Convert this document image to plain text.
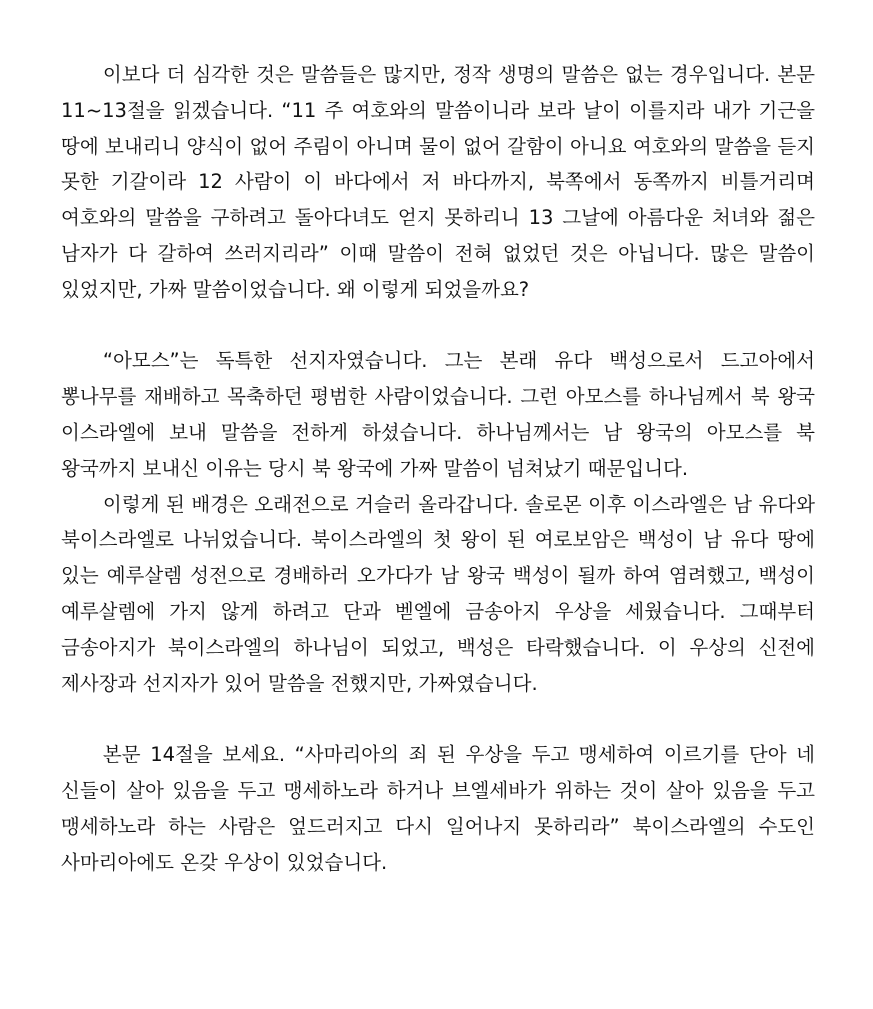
이보다 더 심각한 것은 말씀들은 많지만, 정작 생명의 말씀은 없는 경우입니다. 본문 11~13절을 읽겠습니다. “11 주 여호와의 말씀이니라 보라 날이 이를지라 내가 기근을 땅에 보내리니 양식이 없어 주림이 아니며 물이 없어 갈함이 아니요 여호와의 말씀을 듣지 못한 기갈이라 12 사람이 이 바다에서 저 바다까지, 북쪽에서 동쪽까지 비틀거리며 여호와의 말씀을 구하려고 돌아다녀도 얻지 못하리니 13 그날에 아름다운 처녀와 젊은 남자가 다 갈하여 쓰러지리라” 이때 말씀이 전혀 없었던 것은 아닙니다. 많은 말씀이 있었지만, 가짜 말씀이었습니다. 왜 이렇게 되었을까요?

“아모스”는 독특한 선지자였습니다. 그는 본래 유다 백성으로서 드고아에서 뽕나무를 재배하고 목축하던 평범한 사람이었습니다. 그런 아모스를 하나님께서 북 왕국 이스라엘에 보내 말씀을 전하게 하셨습니다. 하나님께서는 남 왕국의 아모스를 북 왕국까지 보내신 이유는 당시 북 왕국에 가짜 말씀이 넘쳐났기 때문입니다.

이렇게 된 배경은 오래전으로 거슬러 올라갑니다. 솔로몬 이후 이스라엘은 남 유다와 북이스라엘로 나뉘었습니다. 북이스라엘의 첫 왕이 된 여로보암은 백성이 남 유다 땅에 있는 예루살렘 성전으로 경배하러 오가다가 남 왕국 백성이 될까 하여 염려했고, 백성이 예루살렘에 가지 않게 하려고 단과 벧엘에 금송아지 우상을 세웠습니다. 그때부터 금송아지가 북이스라엘의 하나님이 되었고, 백성은 타락했습니다. 이 우상의 신전에 제사장과 선지자가 있어 말씀을 전했지만, 가짜였습니다.

본문 14절을 보세요. “사마리아의 죄 된 우상을 두고 맹세하여 이르기를 단아 네 신들이 살아 있음을 두고 맹세하노라 하거나 브엘세바가 위하는 것이 살아 있음을 두고 맹세하노라 하는 사람은 엎드러지고 다시 일어나지 못하리라” 북이스라엘의 수도인 사마리아에도 온갖 우상이 있었습니다.
